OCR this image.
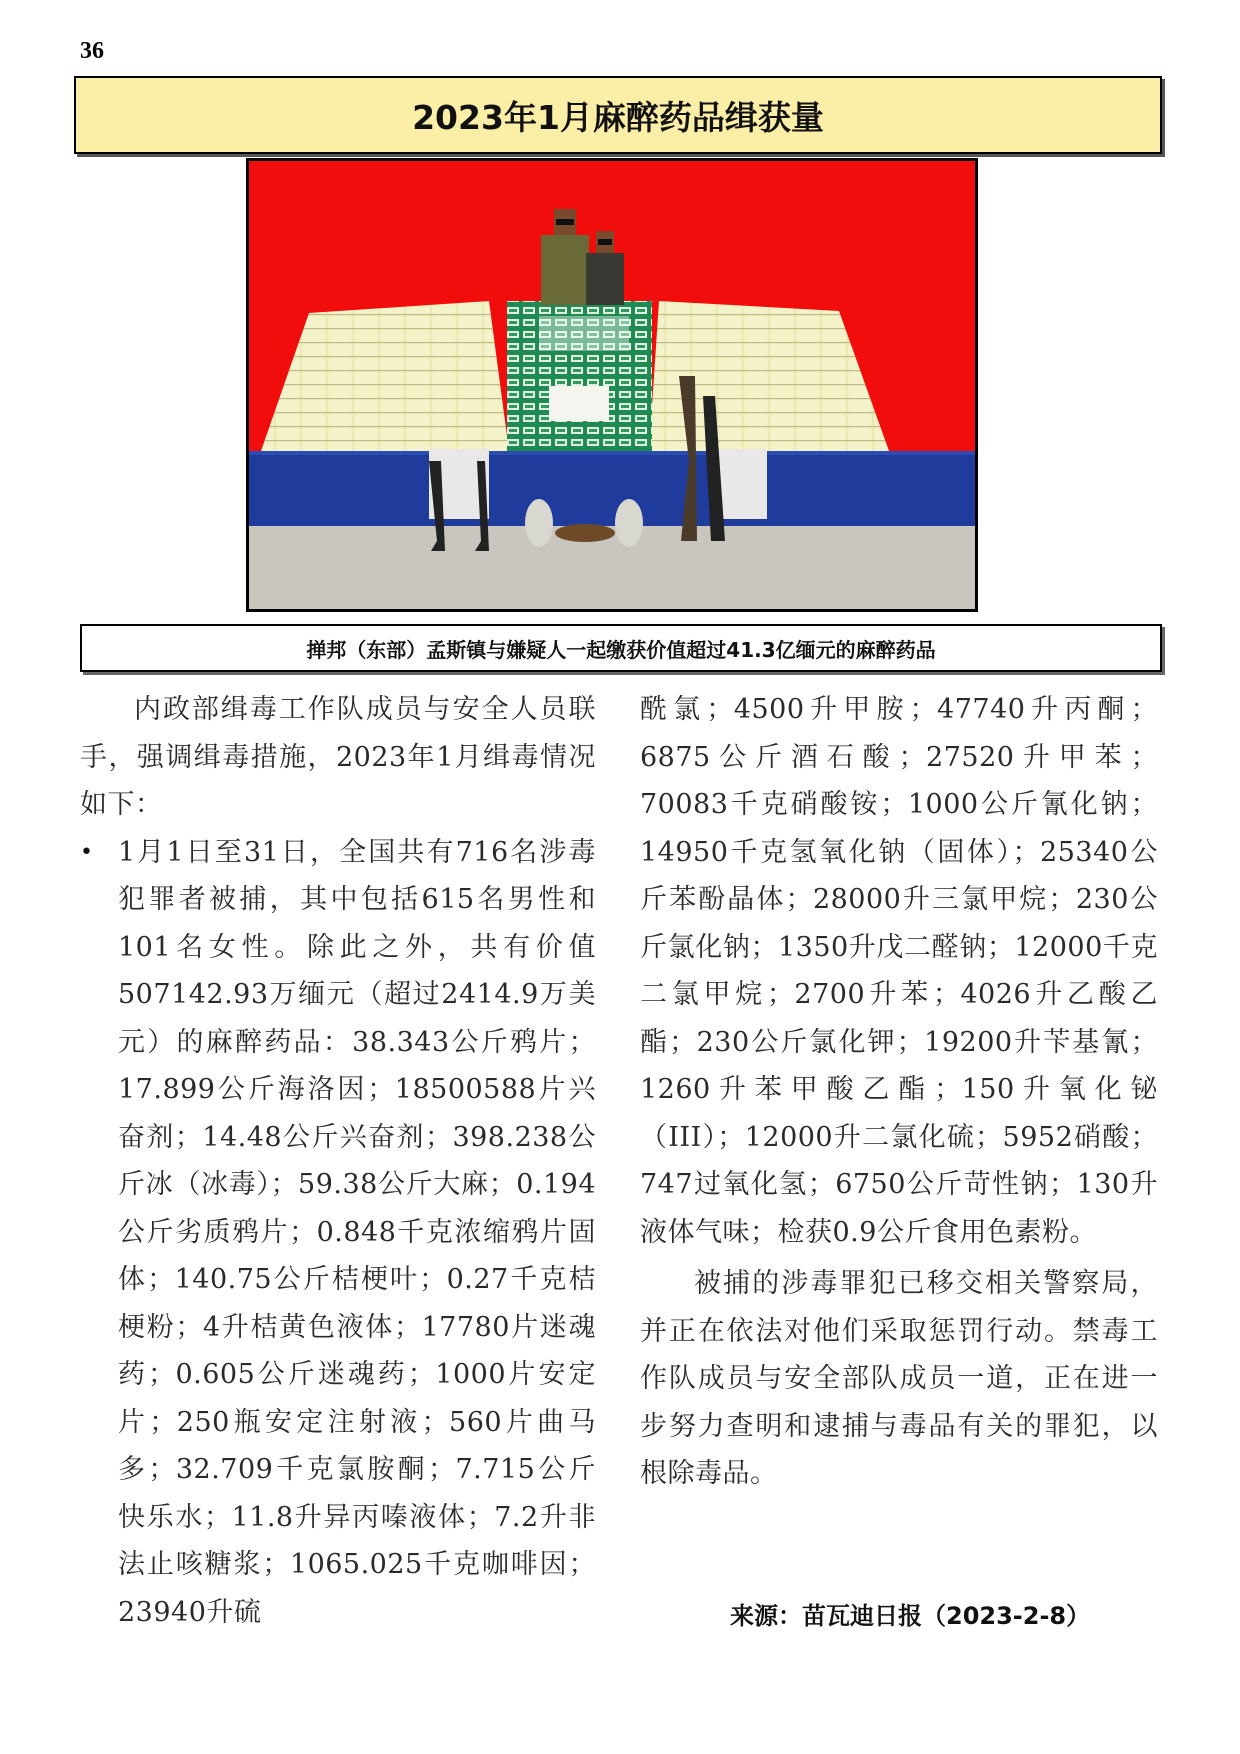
36
2023年1月麻醉药品缉获量
掸邦（东部）孟斯镇与嫌疑人一起缴获价值超过41.3亿缅元的麻醉药品

内政部缉毒工作队成员与安全人员联手，强调缉毒措施，2023年1月缉毒情况如下：

• 1月1日至31日，全国共有716名涉毒犯罪者被捕，其中包括615名男性和101名女性。除此之外，共有价值507142.93万缅元（超过2414.9万美元）的麻醉药品：38.343公斤鸦片；17.899公斤海洛因；18500588片兴奋剂；14.48公斤兴奋剂；398.238公斤冰（冰毒）；59.38公斤大麻；0.194公斤劣质鸦片；0.848千克浓缩鸦片固体；140.75公斤桔梗叶；0.27千克桔梗粉；4升桔黄色液体；17780片迷魂药；0.605公斤迷魂药；1000片安定片；250瓶安定注射液；560片曲马多；32.709千克氯胺酮；7.715公斤快乐水；11.8升异丙嗪液体；7.2升非法止咳糖浆；1065.025千克咖啡因；23940升硫

酰氯；4500升甲胺；47740升丙酮；6875公斤酒石酸；27520升甲苯；70083千克硝酸铵；1000公斤氰化钠；14950千克氢氧化钠（固体）；25340公斤苯酚晶体；28000升三氯甲烷；230公斤氯化钠；1350升戊二醛钠；12000千克二氯甲烷；2700升苯；4026升乙酸乙酯；230公斤氯化钾；19200升苄基氰；1260升苯甲酸乙酯；150升氧化铋（III）；12000升二氯化硫；5952硝酸；747过氧化氢；6750公斤苛性钠；130升液体气味；检获0.9公斤食用色素粉。

被捕的涉毒罪犯已移交相关警察局，并正在依法对他们采取惩罚行动。禁毒工作队成员与安全部队成员一道，正在进一步努力查明和逮捕与毒品有关的罪犯，以根除毒品。

来源：苗瓦迪日报（2023-2-8）
